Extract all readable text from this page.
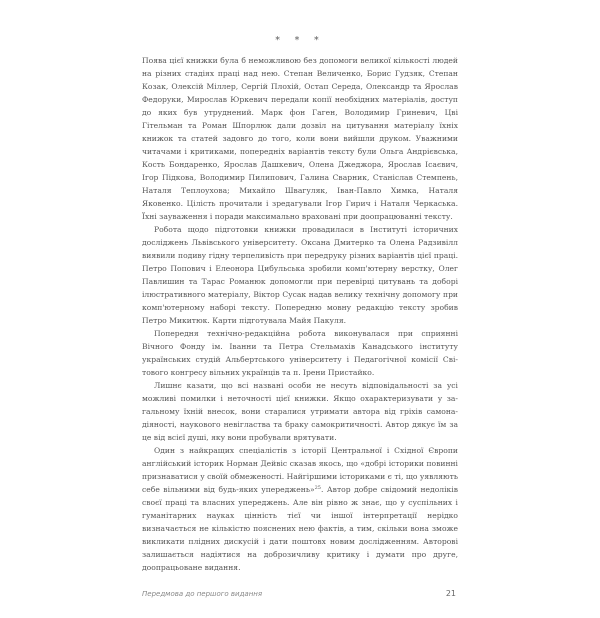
* * *

Поява цієї книжки була б неможливою без допомоги великої кількості людей на різних стадіях праці над нею. Степан Величенко, Борис Гудзяк, Степан Козак, Олексій Міллер, Сергій Плохій, Остап Середа, Олександр та Ярослав Федоруки, Мирослав Юркевич передали копії необхідних матеріалів, доступ до яких був утруднений. Марк фон Гаген, Володимир Гриневич, Цві Гітельман та Роман Шпорлюк дали дозвіл на цитування матеріалу їхніх книжок та статей задовго до того, коли вони вийшли друком. Уважними читачами і критиками, попередніх варіантів тексту були Ольга Андрієвська, Кость Бондаренко, Ярослав Дашкевич, Олена Джеджора, Ярослав Ісаєвич, Ігор Підкова, Володимир Пилипович, Галина Сварник, Станіслав Стемпень, Наталя Теплоухова; Михайло Швагуляк, Іван-Павло Химка, Наталя Яковенко. Цілість прочитали і зредагували Ігор Гирич і Наталя Черкаська. Їхні зауваження і поради максимально враховані при доопрацюванні тексту.

Робота щодо підготовки книжки провадилася в Інституті історичних досліджень Львівського університету. Оксана Дмитерко та Олена Радзивілл виявили подиву гідну терпеливість при передруку різних варіантів цієї праці. Петро Попович і Елеонора Цибульська зробили комп'ютерну верстку, Олег Павлишин та Тарас Романюк допомогли при перевірці цитувань та доборі ілюстративного матеріалу, Віктор Сусак надав велику технічну допомогу при комп'ютерному наборі тексту. Попередню мовну редакцію тексту зробив Петро Микитюк. Карти підготувала Майя Пакуля.

Попередня технічно-редакційна робота виконувалася при сприянні Вічного Фонду ім. Іванни та Петра Стельмахів Канадського інституту українських студій Альбертського університету і Педагогічної комісії Світового конгресу вільних українців та п. Ірени Пристайко.

Лишнє казати, що всі названі особи не несуть відповідальності за усі можливі помилки і неточності цієї книжки. Якщо охарактеризувати у загальному їхній внесок, вони старалися утримати автора від гріхів самонадіяності, наукового невігластва та браку самокритичності. Автор дякує їм за це від всієї душі, яку вони пробували врятувати.

Один з найкращих спеціалістів з історії Центральної і Східної Європи англійський історик Норман Дейвіс сказав якось, що «добрі історики повинні признаватися у своїй обмеженості. Найгіршими істориками є ті, що уявляють себе вільними від будь-яких упереджень»$^{25}$. Автор добре свідомий недоліків своєї праці та власних упереджень. Але він рівно ж знає, що у суспільних і гуманітарних науках цінність тієї чи іншої інтерпретації нерідко визначається не кількістю пояснених нею фактів, а тим, скільки вона зможе викликати плідних дискусій і дати поштовх новим дослідженням. Авторові залишається надіятися на доброзичливу критику і думати про друге, доопрацьоване видання.

Передмова до першого видання	21
